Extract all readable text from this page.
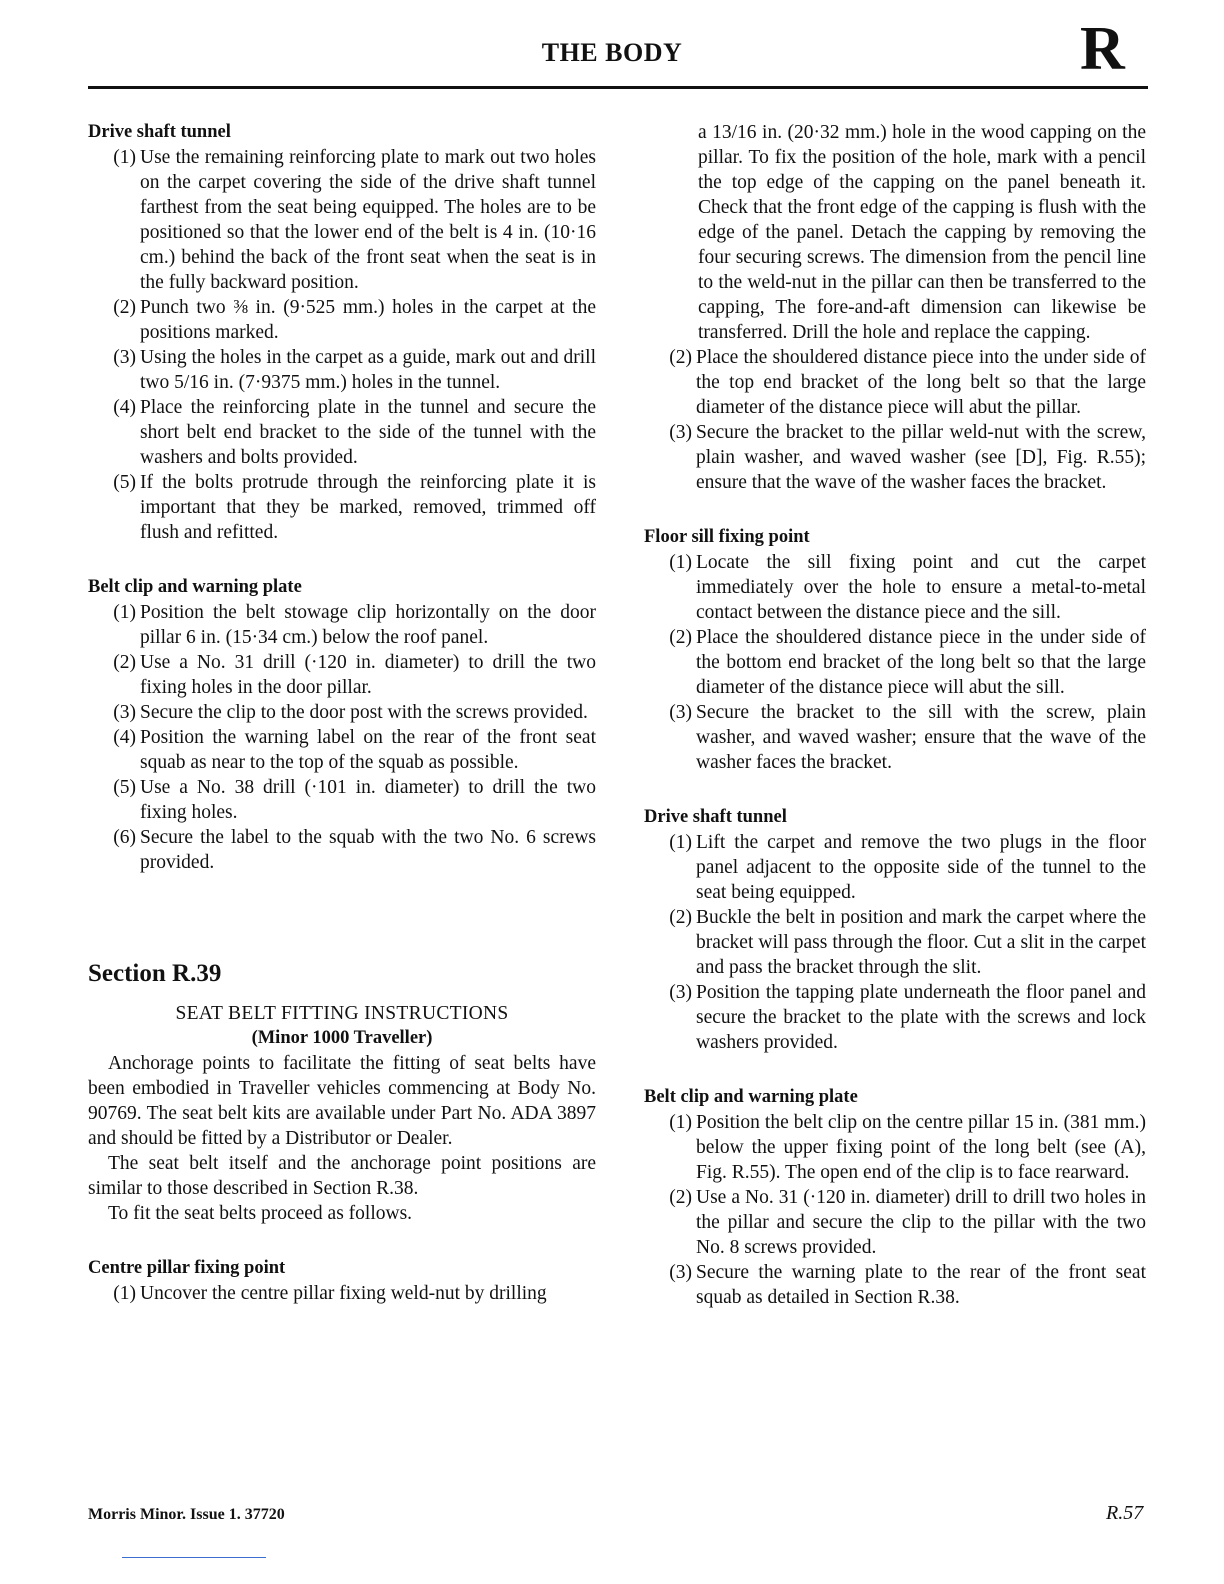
THE BODY	R
Drive shaft tunnel
(1) Use the remaining reinforcing plate to mark out two holes on the carpet covering the side of the drive shaft tunnel farthest from the seat being equipped. The holes are to be positioned so that the lower end of the belt is 4 in. (10·16 cm.) behind the back of the front seat when the seat is in the fully backward position.
(2) Punch two ⅜ in. (9·525 mm.) holes in the carpet at the positions marked.
(3) Using the holes in the carpet as a guide, mark out and drill two 5/16 in. (7·9375 mm.) holes in the tunnel.
(4) Place the reinforcing plate in the tunnel and secure the short belt end bracket to the side of the tunnel with the washers and bolts provided.
(5) If the bolts protrude through the reinforcing plate it is important that they be marked, removed, trimmed off flush and refitted.
Belt clip and warning plate
(1) Position the belt stowage clip horizontally on the door pillar 6 in. (15·34 cm.) below the roof panel.
(2) Use a No. 31 drill (·120 in. diameter) to drill the two fixing holes in the door pillar.
(3) Secure the clip to the door post with the screws provided.
(4) Position the warning label on the rear of the front seat squab as near to the top of the squab as possible.
(5) Use a No. 38 drill (·101 in. diameter) to drill the two fixing holes.
(6) Secure the label to the squab with the two No. 6 screws provided.
Section R.39
SEAT BELT FITTING INSTRUCTIONS
(Minor 1000 Traveller)
Anchorage points to facilitate the fitting of seat belts have been embodied in Traveller vehicles commencing at Body No. 90769. The seat belt kits are available under Part No. ADA 3897 and should be fitted by a Distributor or Dealer.
The seat belt itself and the anchorage point positions are similar to those described in Section R.38.
To fit the seat belts proceed as follows.
Centre pillar fixing point
(1) Uncover the centre pillar fixing weld-nut by drilling
a 13/16 in. (20·32 mm.) hole in the wood capping on the pillar. To fix the position of the hole, mark with a pencil the top edge of the capping on the panel beneath it. Check that the front edge of the capping is flush with the edge of the panel. Detach the capping by removing the four securing screws. The dimension from the pencil line to the weld-nut in the pillar can then be transferred to the capping, The fore-and-aft dimension can likewise be transferred. Drill the hole and replace the capping.
(2) Place the shouldered distance piece into the under side of the top end bracket of the long belt so that the large diameter of the distance piece will abut the pillar.
(3) Secure the bracket to the pillar weld-nut with the screw, plain washer, and waved washer (see [D], Fig. R.55); ensure that the wave of the washer faces the bracket.
Floor sill fixing point
(1) Locate the sill fixing point and cut the carpet immediately over the hole to ensure a metal-to-metal contact between the distance piece and the sill.
(2) Place the shouldered distance piece in the under side of the bottom end bracket of the long belt so that the large diameter of the distance piece will abut the sill.
(3) Secure the bracket to the sill with the screw, plain washer, and waved washer; ensure that the wave of the washer faces the bracket.
Drive shaft tunnel
(1) Lift the carpet and remove the two plugs in the floor panel adjacent to the opposite side of the tunnel to the seat being equipped.
(2) Buckle the belt in position and mark the carpet where the bracket will pass through the floor. Cut a slit in the carpet and pass the bracket through the slit.
(3) Position the tapping plate underneath the floor panel and secure the bracket to the plate with the screws and lock washers provided.
Belt clip and warning plate
(1) Position the belt clip on the centre pillar 15 in. (381 mm.) below the upper fixing point of the long belt (see (A), Fig. R.55). The open end of the clip is to face rearward.
(2) Use a No. 31 (·120 in. diameter) drill to drill two holes in the pillar and secure the clip to the pillar with the two No. 8 screws provided.
(3) Secure the warning plate to the rear of the front seat squab as detailed in Section R.38.
Morris Minor. Issue 1. 37720	R.57
